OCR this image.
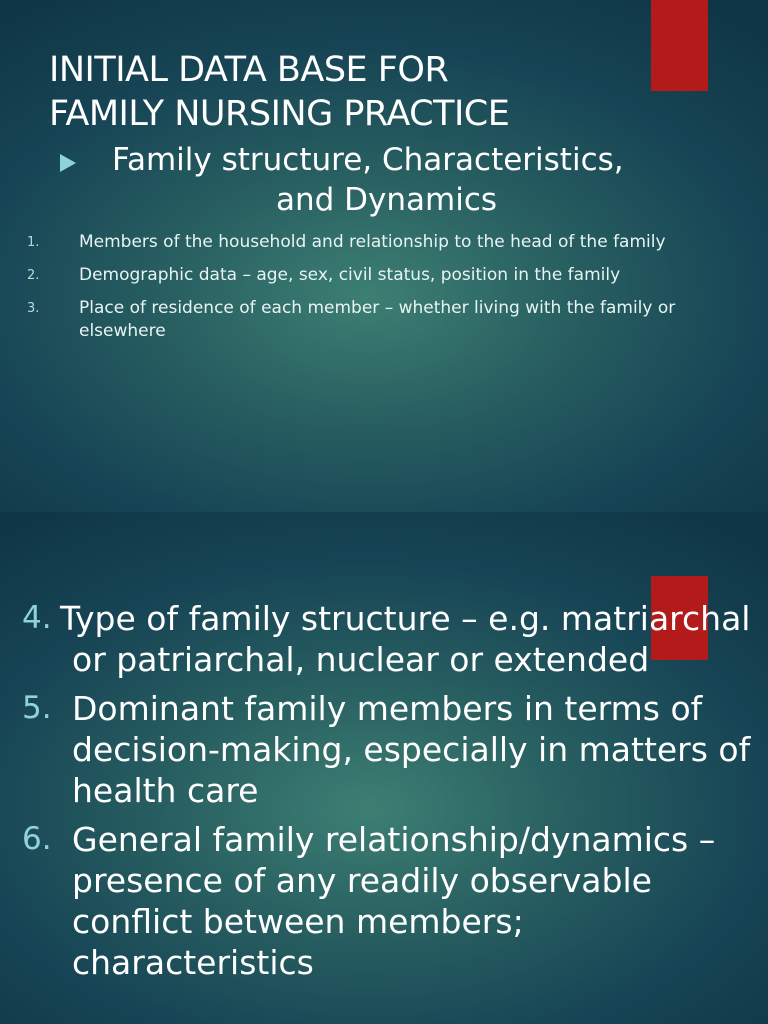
INITIAL DATA BASE FOR
FAMILY NURSING PRACTICE
Family structure, Characteristics,
and Dynamics
1.	Members of the household and relationship to the head of the family
2.	Demographic data – age, sex, civil status, position in the family
3.	Place of residence of each member – whether living with the family or elsewhere
4. Type of family structure – e.g. matriarchal or patriarchal, nuclear or extended
5. Dominant family members in terms of decision-making, especially in matters of health care
6. General family relationship/dynamics – presence of any readily observable conflict between members; characteristics
